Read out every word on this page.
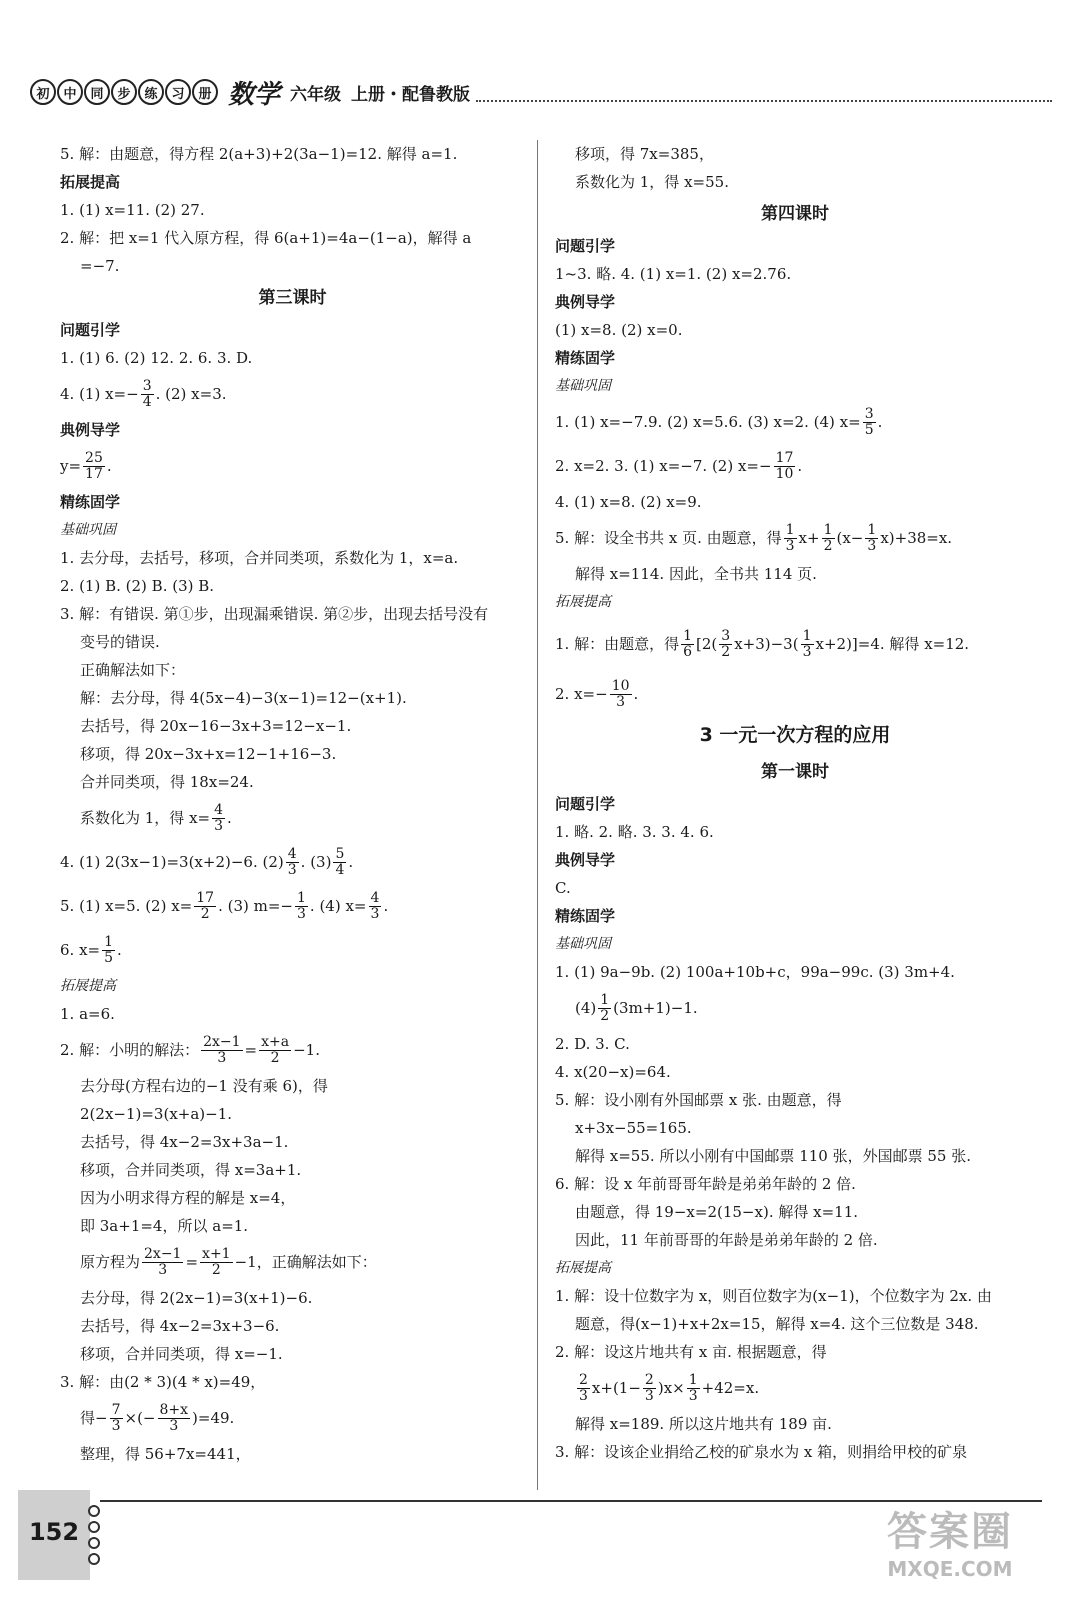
初	中	同	步	练	习	册 数学 六年级 上册・配鲁教版
5. 解：由题意，得方程 2(a+3)+2(3a−1)=12. 解得 a=1.
拓展提高
1. (1) x=11. (2) 27.
2. 解：把 x=1 代入原方程，得 6(a+1)=4a−(1−a)，解得 a
=−7.
第三课时
问题引学
1. (1) 6. (2) 12. 2. 6. 3. D.
4. (1) $x=- \frac{3}{4}$ . (2) x=3.
典例导学
$y= \frac{25}{17}$ .
精练固学
基础巩固
1. 去分母，去括号，移项，合并同类项，系数化为 1，x=a.
2. (1) B. (2) B. (3) B.
3. 解：有错误. 第①步，出现漏乘错误. 第②步，出现去括号没有
变号的错误.
正确解法如下：
解：去分母，得 4(5x−4)−3(x−1)=12−(x+1).
去括号，得 20x−16−3x+3=12−x−1.
移项，得 20x−3x+x=12−1+16−3.
合并同类项，得 18x=24.
系数化为 1，得 $x= \frac{4}{3}$ .
4. (1) 2(3x−1)=3(x+2)−6. $(2) \frac{4}{3}$ . $(3) \frac{5}{4}$ .
5. (1) x=5. (2) $x= \frac{17}{2}$ . (3) $m=- \frac{1}{3}$ . (4) $x= \frac{4}{3}$ .
6. $x= \frac{1}{5}$ .
拓展提高
1. a=6.
2. 解：小明的解法： $\frac{2x-1}{3} = \frac{x+a}{2} -1$.
去分母(方程右边的−1 没有乘 6)，得
2(2x−1)=3(x+a)−1.
去括号，得 4x−2=3x+3a−1.
移项，合并同类项，得 x=3a+1.
因为小明求得方程的解是 x=4，
即 3a+1=4，所以 a=1.
原方程为 $\frac{2x-1}{3} = \frac{x+1}{2} -1$，正确解法如下：
去分母，得 2(2x−1)=3(x+1)−6.
去括号，得 4x−2=3x+3−6.
移项，合并同类项，得 x=−1.
3. 解：由(2 * 3)(4 * x)=49，
得− $\frac{7}{3}$ ×(− $\frac{8+x}{3} )=49$.
整理，得 56+7x=441，
移项，得 7x=385，
系数化为 1，得 x=55.
第四课时
问题引学
1~3. 略. 4. (1) x=1. (2) x=2.76.
典例导学
(1) x=8. (2) x=0.
精练固学
基础巩固
1. (1) x=−7.9. (2) x=5.6. (3) x=2. (4) $x= \frac{3}{5}$ .
2. x=2. 3. (1) x=−7. (2) $x=- \frac{17}{10}$ .
4. (1) x=8. (2) x=9.
5. 解：设全书共 x 页. 由题意，得 $\frac{1}{3} x+ \frac{1}{2} (x- \frac{1}{3} x)+38=x$.
解得 x=114. 因此，全书共 114 页.
拓展提高
1. 解：由题意，得 $\frac{1}{6} [2( \frac{3}{2} x+3)-3( \frac{1}{3} x+2)]=4$. 解得 x=12.
2. $x=- \frac{10}{3}$ .
3 一元一次方程的应用
第一课时
问题引学
1. 略. 2. 略. 3. 3. 4. 6.
典例导学
C.
精练固学
基础巩固
1. (1) 9a−9b. (2) 100a+10b+c，99a−99c. (3) 3m+4.
$(4) \frac{1}{2} (3m+1)-1$.
2. D. 3. C.
4. x(20−x)=64.
5. 解：设小刚有外国邮票 x 张. 由题意，得
x+3x−55=165.
解得 x=55. 所以小刚有中国邮票 110 张，外国邮票 55 张.
6. 解：设 x 年前哥哥年龄是弟弟年龄的 2 倍.
由题意，得 19−x=2(15−x). 解得 x=11.
因此，11 年前哥哥的年龄是弟弟年龄的 2 倍.
拓展提高
1. 解：设十位数字为 x，则百位数字为(x−1)，个位数字为 2x. 由
题意，得(x−1)+x+2x=15，解得 x=4. 这个三位数是 348.
2. 解：设这片地共有 x 亩. 根据题意，得
$\frac{2}{3} x+(1- \frac{2}{3} )x\times \frac{1}{3} +42=x$.
解得 x=189. 所以这片地共有 189 亩.
3. 解：设该企业捐给乙校的矿泉水为 x 箱，则捐给甲校的矿泉
152	答案圈
MXQE.COM
